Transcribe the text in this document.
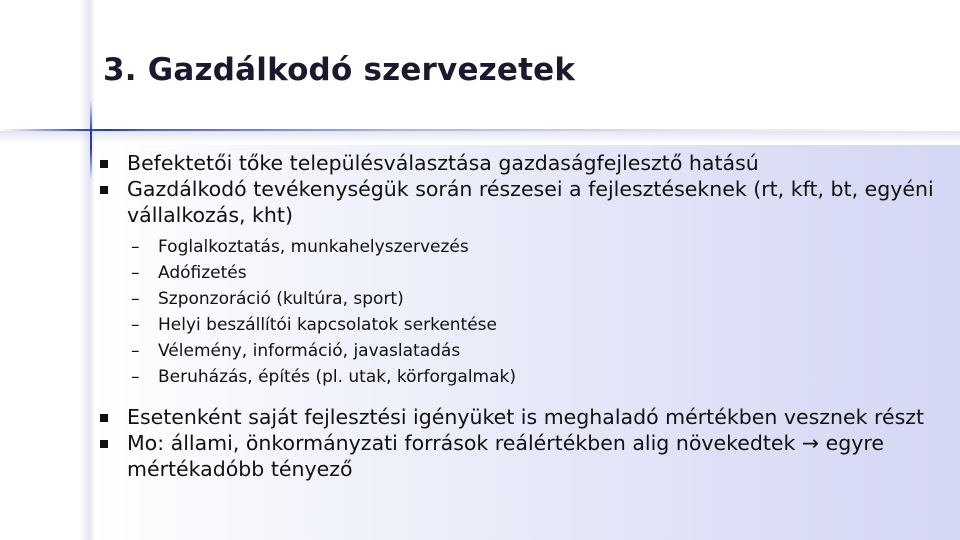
3. Gazdálkodó szervezetek
Befektetői tőke településválasztása gazdaságfejlesztő hatású
Gazdálkodó tevékenységük során részesei a fejlesztéseknek (rt, kft, bt, egyéni vállalkozás, kht)
– Foglalkoztatás, munkahelyszervezés
– Adófizetés
– Szponzoráció (kultúra, sport)
– Helyi beszállítói kapcsolatok serkentése
– Vélemény, információ, javaslatadás
– Beruházás, építés (pl. utak, körforgalmak)
Esetenként saját fejlesztési igényüket is meghaladó mértékben vesznek részt
Mo: állami, önkormányzati források reálértékben alig növekedtek → egyre mértékadóbb tényező
